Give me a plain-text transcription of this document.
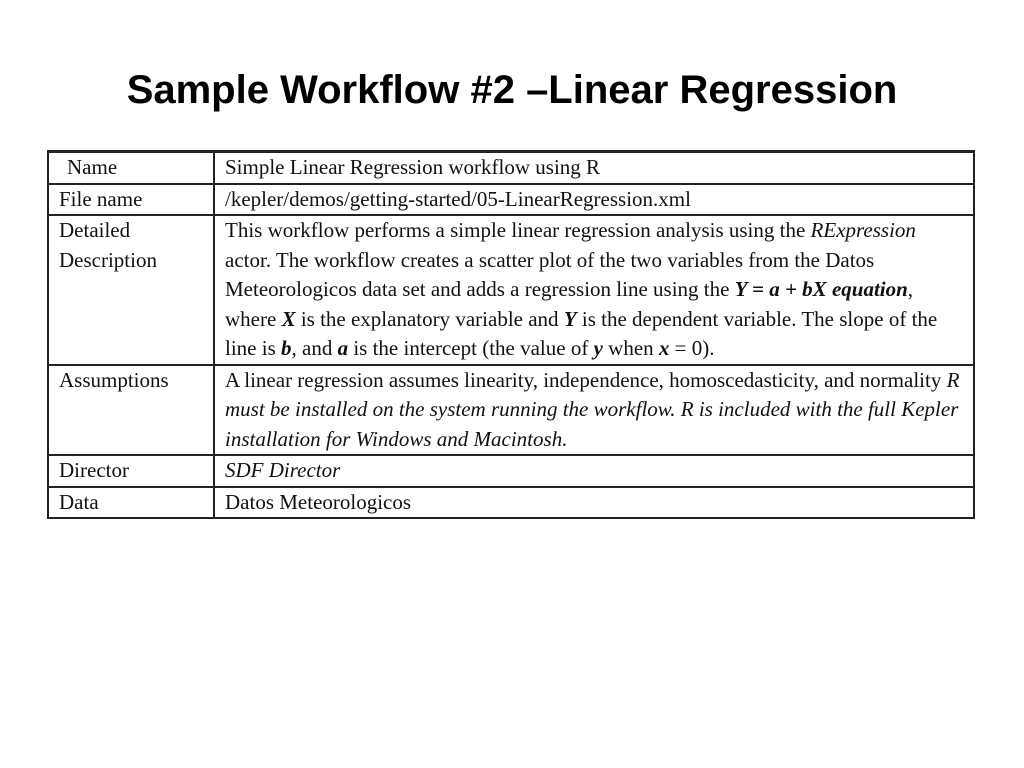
Sample Workflow #2 –Linear Regression
Name	Simple Linear Regression workflow using R
File name	/kepler/demos/getting-started/05-LinearRegression.xml
Detailed
Description	This workflow performs a simple linear regression analysis using the RExpression actor. The workflow creates a scatter plot of the two variables from the Datos Meteorologicos data set and adds a regression line using the Y = a + bX equation, where X is the explanatory variable and Y is the dependent variable. The slope of the line is b, and a is the intercept (the value of y when x = 0).
Assumptions	A linear regression assumes linearity, independence, homoscedasticity, and normality R must be installed on the system running the workflow. R is included with the full Kepler installation for Windows and Macintosh.
Director	SDF Director
Data	Datos Meteorologicos
